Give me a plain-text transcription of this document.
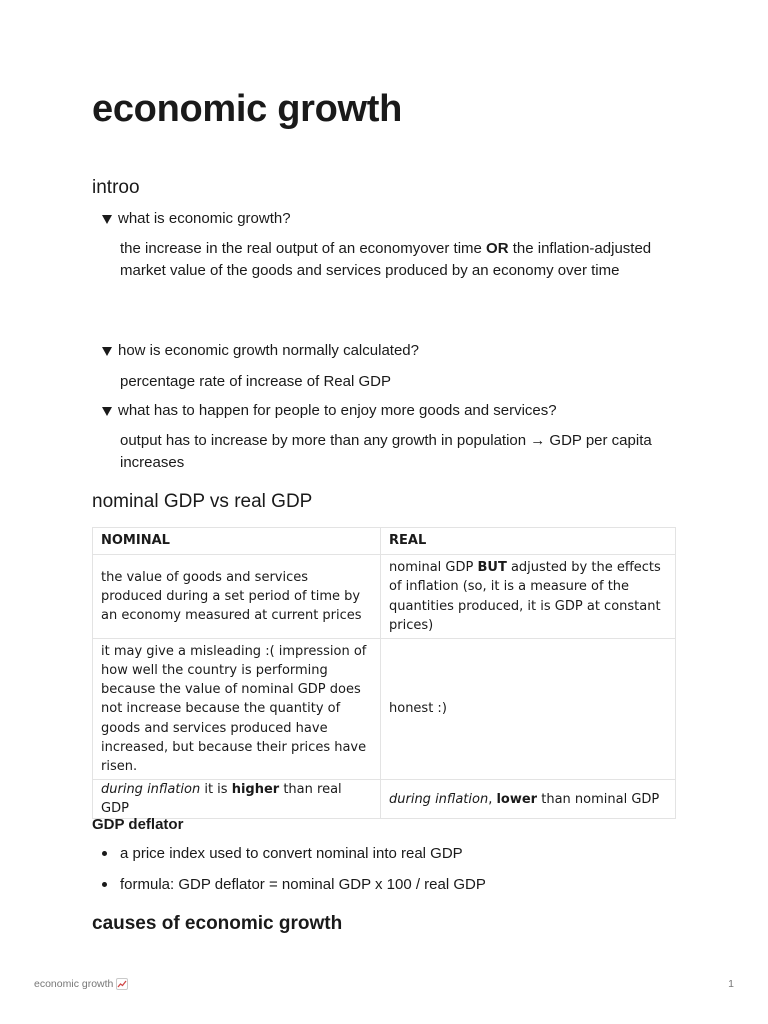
economic growth
introo
what is economic growth?

the increase in the real output of an economyover time OR the inflation-adjusted market value of the goods and services produced by an economy over time

how is economic growth normally calculated?

percentage rate of increase of Real GDP

what has to happen for people to enjoy more goods and services?

output has to increase by more than any growth in population → GDP per capita increases

nominal GDP vs real GDP
NOMINAL	REAL
the value of goods and services produced during a set period of time by an economy measured at current prices	nominal GDP BUT adjusted by the effects of inflation (so, it is a measure of the quantities produced, it is GDP at constant prices)
it may give a misleading :( impression of how well the country is performing because the value of nominal GDP does not increase because the quantity of goods and services produced have increased, but because their prices have risen.	honest :)
during inflation it is higher than real GDP	during inflation, lower than nominal GDP
GDP deflator
a price index used to convert nominal into real GDP
formula: GDP deflator = nominal GDP x 100 / real GDP
causes of economic growth
economic growth	1
